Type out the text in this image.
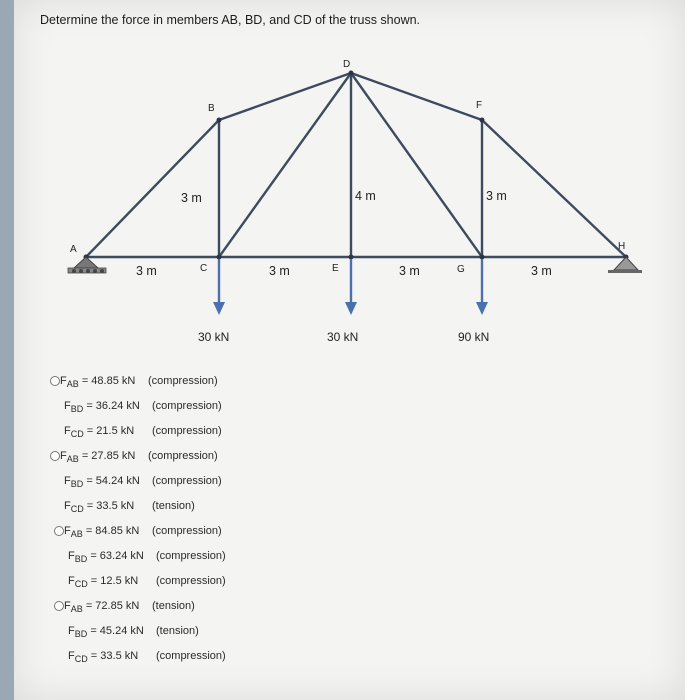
Determine the force in members AB, BD, and CD of the truss shown.
A
B
C
D
E
F
G
H
3 m	3 m	3 m	3 m
3 m	4 m	3 m
30 kN	30 kN	90 kN
$F_{AB} = 48.85$ kN (compression)
$F_{BD} = 36.24$ kN (compression)
$F_{CD} = 21.5$ kN (compression)
$F_{AB} = 27.85$ kN (compression)
$F_{BD} = 54.24$ kN (compression)
$F_{CD} = 33.5$ kN (tension)
$F_{AB} = 84.85$ kN (compression)
$F_{BD} = 63.24$ kN (compression)
$F_{CD} = 12.5$ kN (compression)
$F_{AB} = 72.85$ kN (tension)
$F_{BD} = 45.24$ kN (tension)
$F_{CD} = 33.5$ kN (compression)
